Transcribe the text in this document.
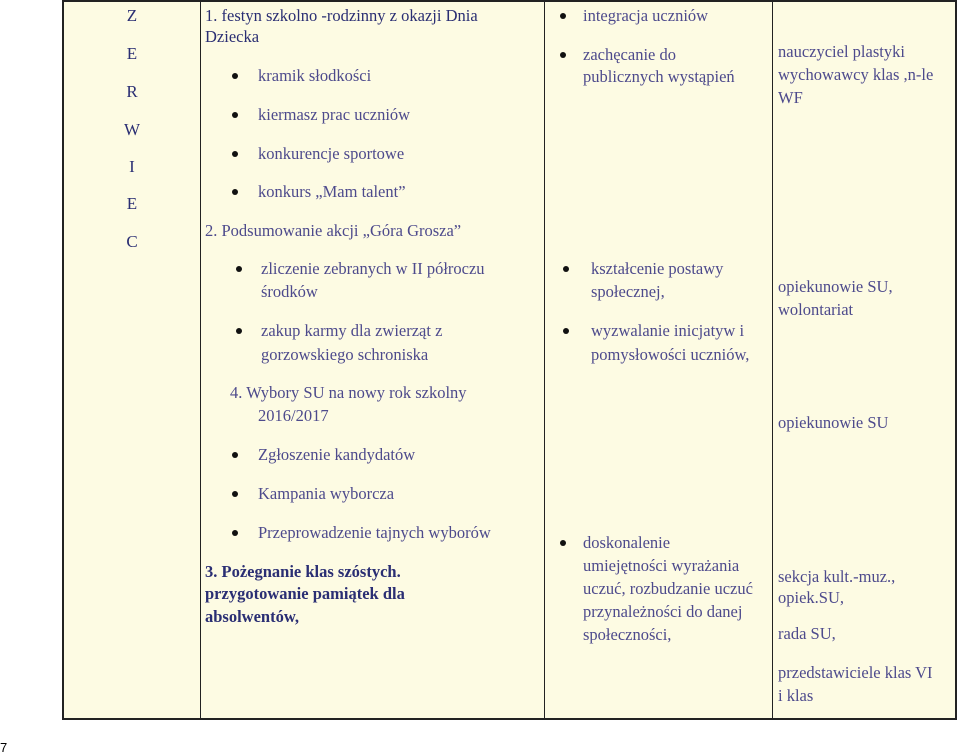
Z
E
R
W
I
E
C
1. festyn szkolno -rodzinny z okazji Dnia
Dziecka
kramik słodkości
kiermasz prac uczniów
konkurencje sportowe
konkurs „Mam talent”
2. Podsumowanie akcji „Góra Grosza”
zliczenie zebranych w II półroczu
środków
zakup karmy dla zwierząt z
gorzowskiego schroniska
4. Wybory SU na nowy rok szkolny
2016/2017
Zgłoszenie kandydatów
Kampania wyborcza
Przeprowadzenie tajnych wyborów
3. Pożegnanie klas szóstych.
przygotowanie pamiątek dla
absolwentów,
integracja uczniów
zachęcanie do
publicznych wystąpień
kształcenie postawy
społecznej,
wyzwalanie inicjatyw i
pomysłowości uczniów,
doskonalenie
umiejętności wyrażania
uczuć, rozbudzanie uczuć
przynależności do danej
społeczności,
nauczyciel plastyki
wychowawcy klas ,n-le
WF
opiekunowie SU,
wolontariat
opiekunowie SU
sekcja kult.-muz.,
opiek.SU,
rada SU,
przedstawiciele klas VI
i klas
7
